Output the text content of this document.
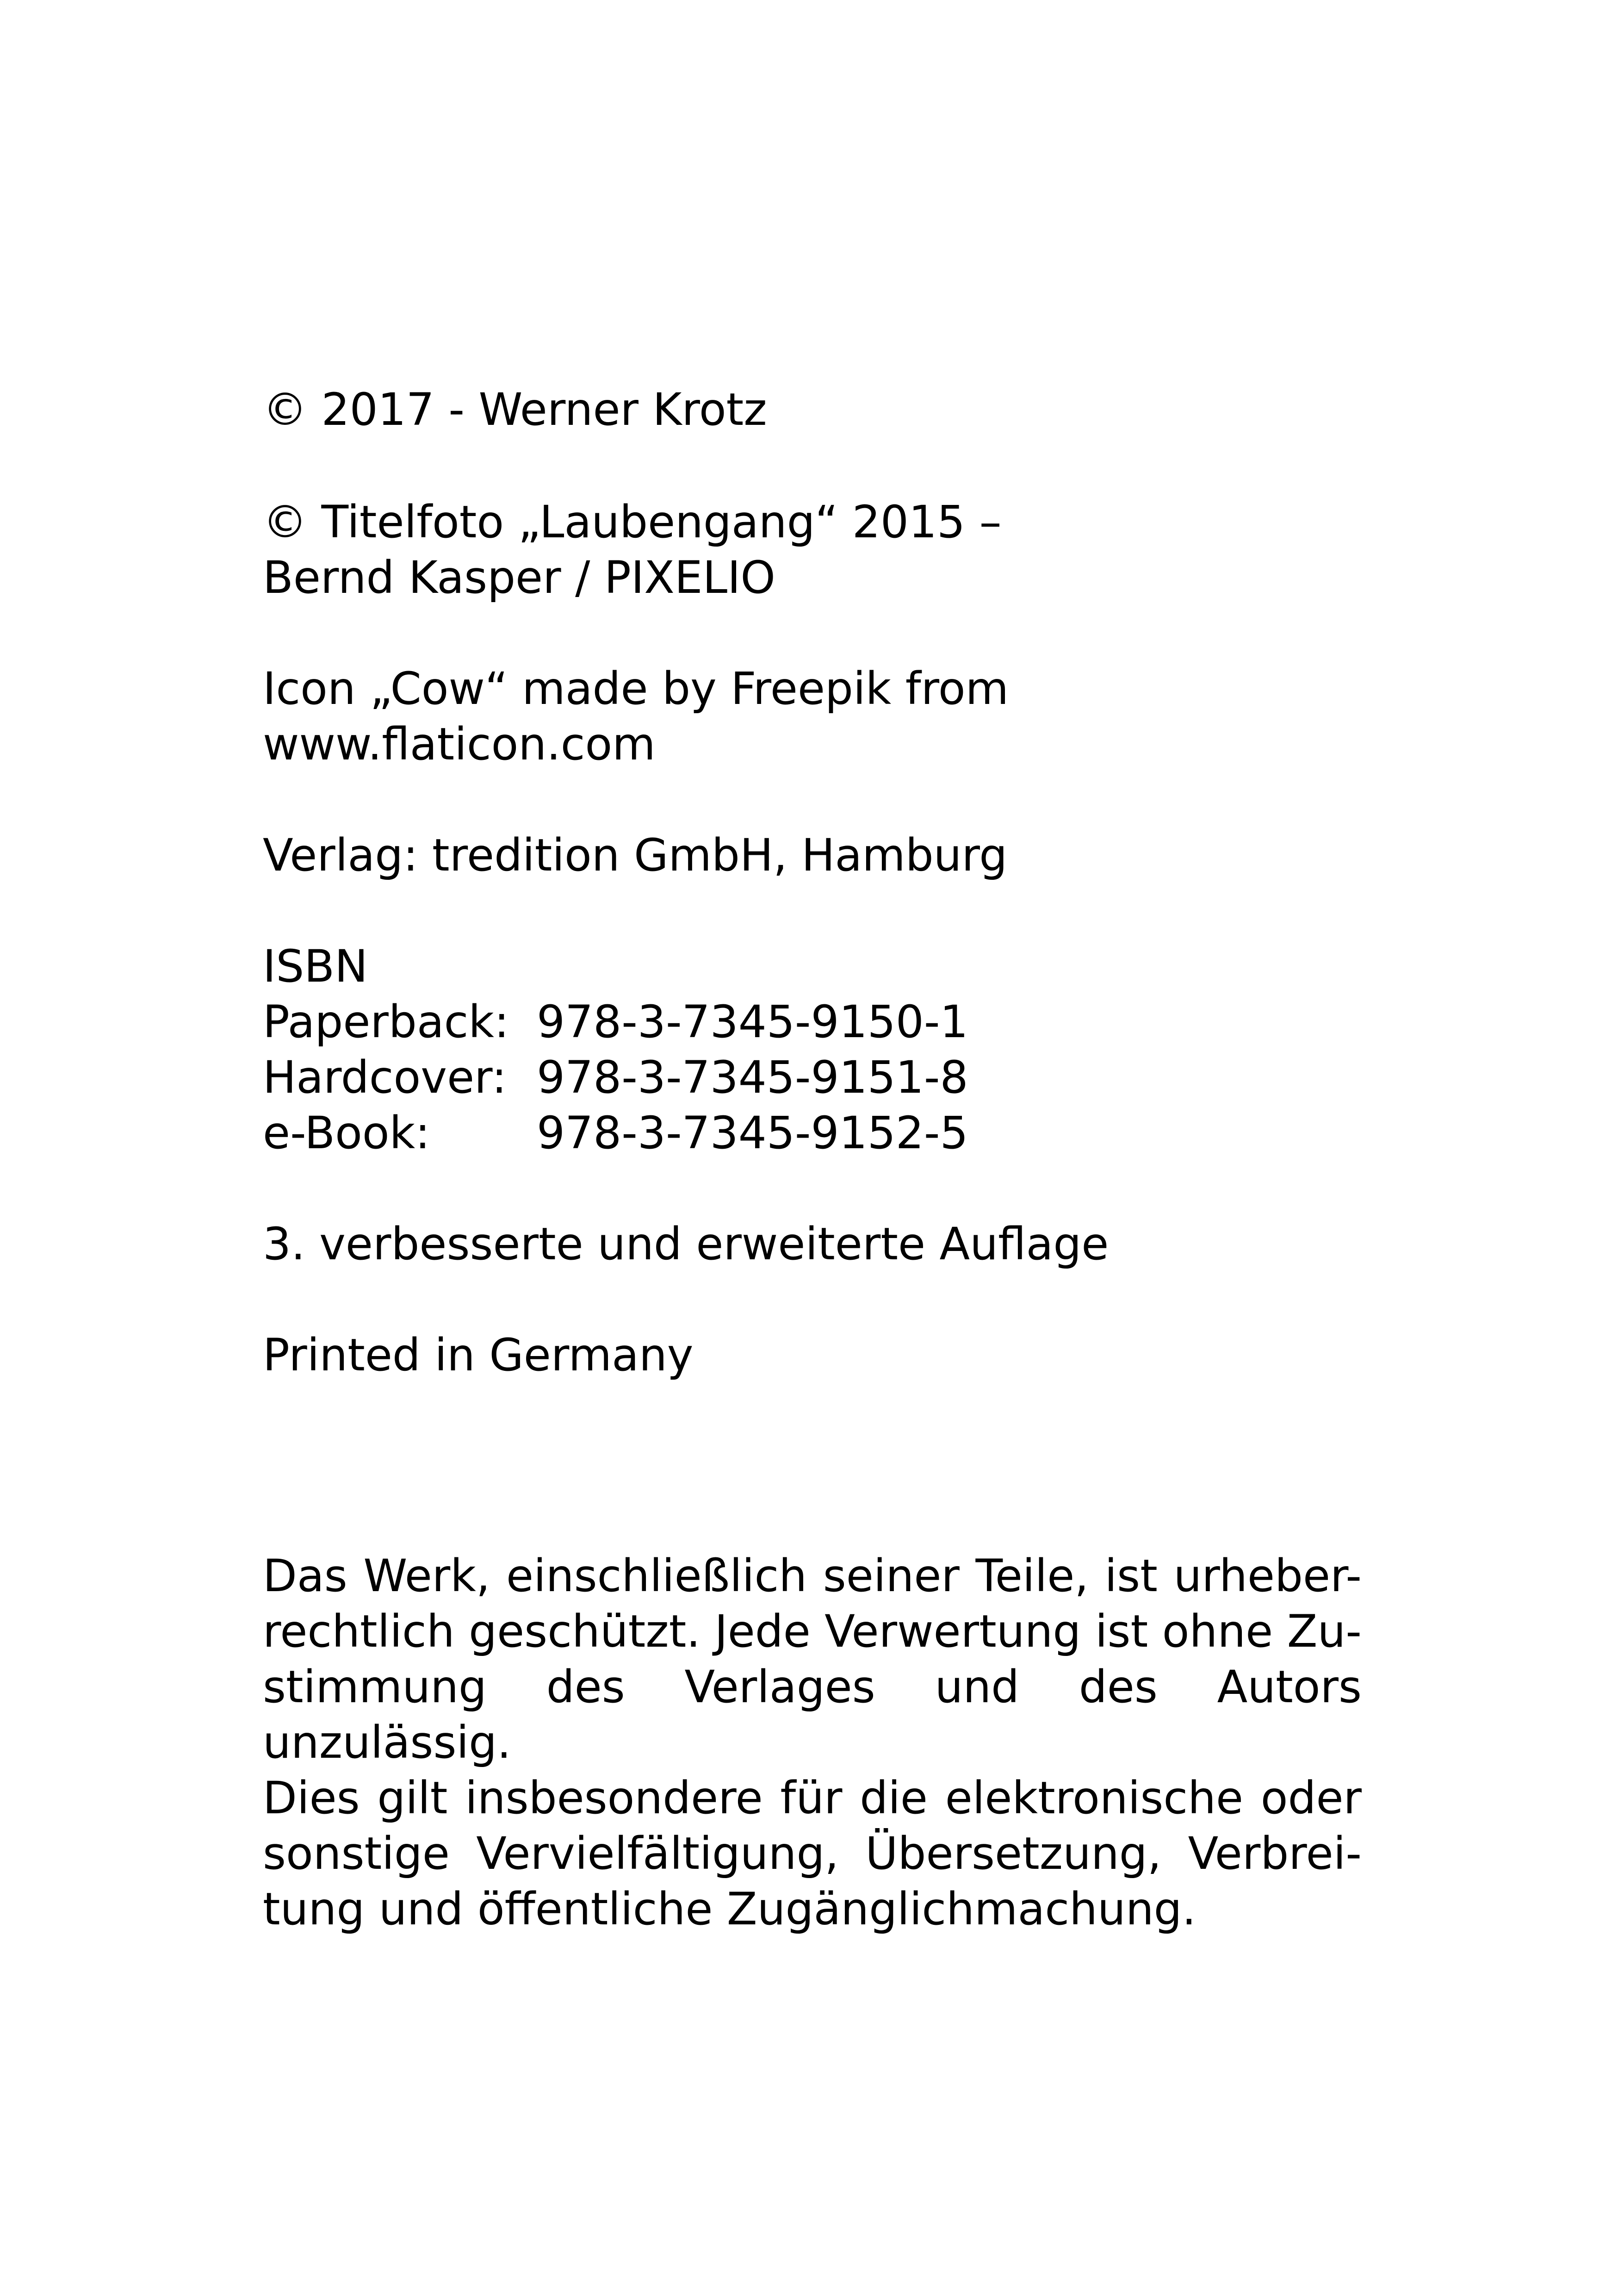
© 2017 - Werner Krotz
© Titelfoto „Laubengang“ 2015 –
Bernd Kasper / PIXELIO
Icon „Cow“ made by Freepik from
www.flaticon.com
Verlag: tredition GmbH, Hamburg
ISBN
Paperback: 978-3-7345-9150-1
Hardcover: 978-3-7345-9151-8
e-Book: 978-3-7345-9152-5
3. verbesserte und erweiterte Auflage
Printed in Germany
Das Werk, einschließlich seiner Teile, ist urheber-
rechtlich geschützt. Jede Verwertung ist ohne Zu-
stimmung des Verlages und des Autors unzulässig.
Dies gilt insbesondere für die elektronische oder
sonstige Vervielfältigung, Übersetzung, Verbrei-
tung und öffentliche Zugänglichmachung.
